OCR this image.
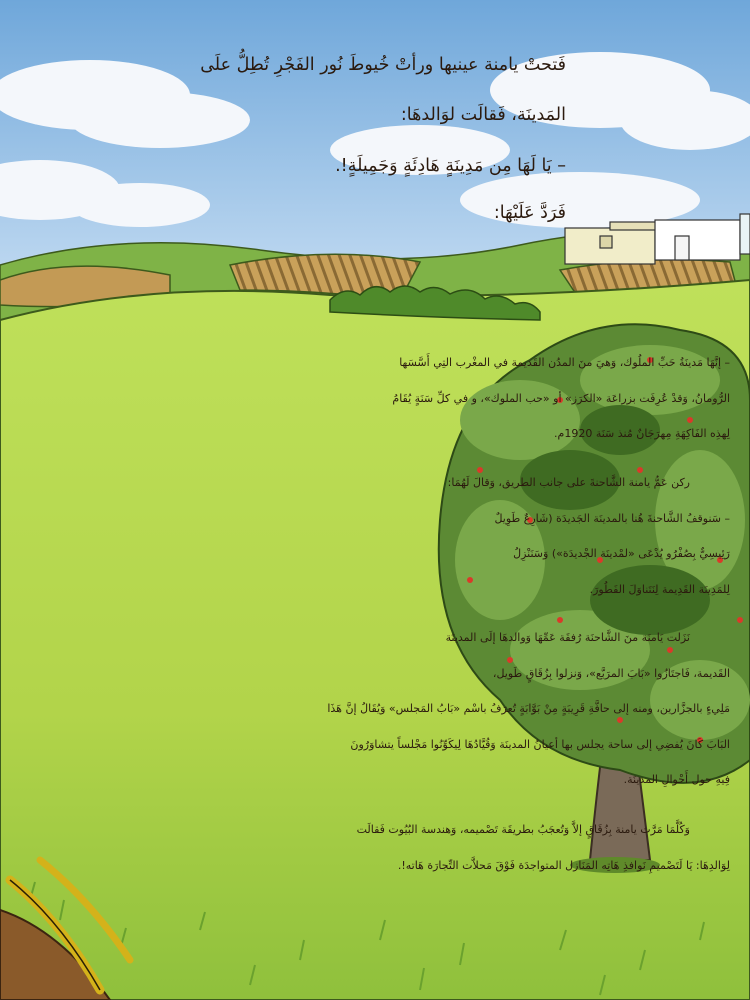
فَتحتْ يامنة عينيها ورأتْ خُيوطَ نُور الفَجْرِ تُطِلُّ علَى
المَدينَة، فَقالَت لوَالدهَا:
– يَا لَهَا مِن مَدِينَةٍ هَادِئَةٍ وَجَمِيلَةٍ!.
فَرَدَّ عَلَيْهَا:
– إنَّهَا مَدينَةُ حَبِّ الملُوك، وَهيَ منَ المدُن القَديمة في المغْرب التِي أَسَّسَها
الرُّومانُ، وَقدْ عُرِفَت بزراعَة «الكرَز» أو «حب الملوك»، و في كلِّ سَنَةٍ يُقَامُ
لِهذِه الفَاكِهَةِ مِهرَجَانٌ مُنذ سَنَة 1920م.
ركن عَمُّ يامنة الشَّاحنةَ على جانب الطريق، وَقالَ لَهُمَا:
– سَنوقفُ الشَّاحنةَ هُنا بالمدينَة الجَديدَة (شَارِعٌ طَوِيلٌ
رَئِيسِيٌّ بِصُفْرُو يُدْعَى «لمْدينَة الجْديدَة») وَسَنَنْزِلُ
لِلمَدِينَة القَدِيمة لِنَتَناوَلَ الفَطُورَ.
نَزَلت يَامنَة منَ الشَّاحنَة رُفقَة عَمِّهَا وَوالدهَا إلَى المدينَة
القَديمة، فَاجتَازُوا «بَابَ المرَبَّع»، وَنزلوا بِزُقَاقٍ طَويل،
مَلِيءٍ بالجزَّارين، ومنه إلى حافَّةِ قَرِيبَةٍ مِنْ بَوَّابَةٍ تُعرَفُ باسْم «بَابُ المَجلس» وَيُقَالُ إنَّ هَذَا
البَابَ كَانَ يُفضِي إلى ساحة يجلس بها أعيانُ المدينَة وَقُيَّادُهَا لِيكَوِّنُوا مَجْلساً يتشاوَرُونَ
فِيهِ حول أَحْوالِ المدينَة.
وَكُلَّمَا مَرَّت يامنة بِزُقَاقٍ إلاَّ وَتُعجَبُ بطريقَة تَصْميمه، وَهندسة البُيُوت فَقالَت
لِوَالدِهَا: يَا لَتَصْميمِ نَوافذِ هَاتِه المَنَازل المتواجدَة فَوْقَ مَحلاَّت التِّجارَة هَاته!.
